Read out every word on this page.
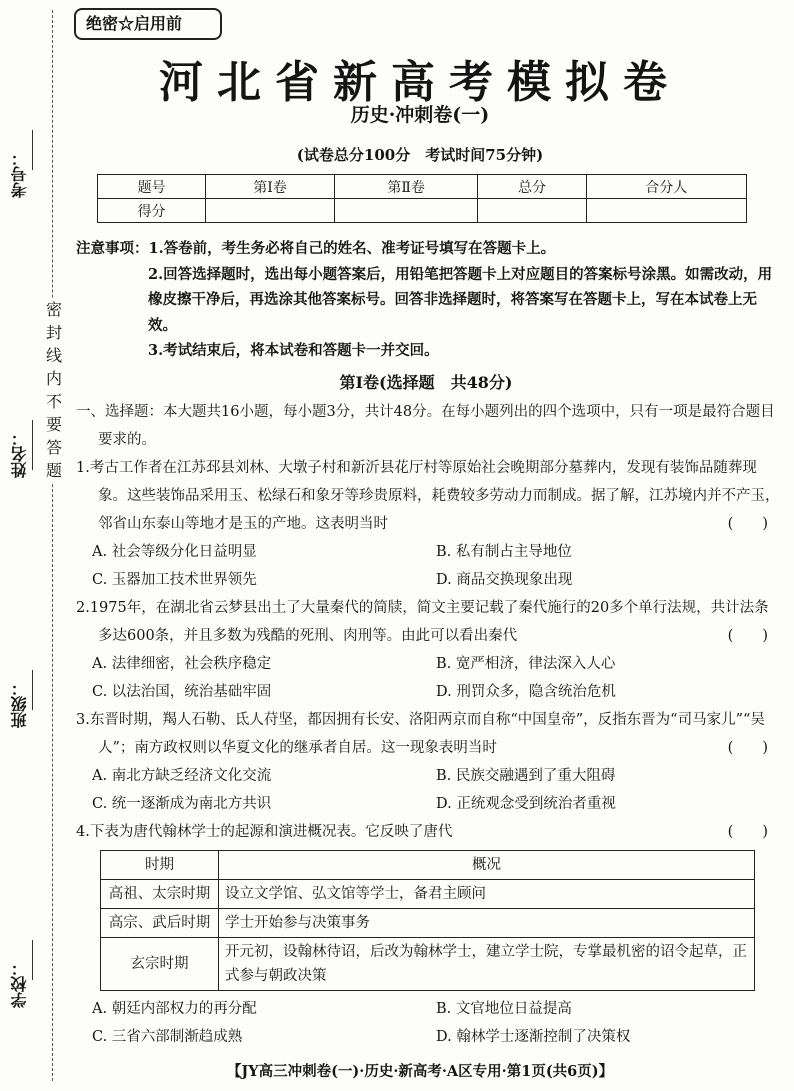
考号：
姓名：
班级：
学校：
密
封
线
内
不
要
答
题
绝密☆启用前
河北省新高考模拟卷
历史·冲刺卷(一)
(试卷总分100分　考试时间75分钟)
题号	第Ⅰ卷	第Ⅱ卷	总分	合分人
得分				
注意事项：1.答卷前，考生务必将自己的姓名、准考证号填写在答题卡上。
2.回答选择题时，选出每小题答案后，用铅笔把答题卡上对应题目的答案标号涂黑。如需改动，用橡皮擦干净后，再选涂其他答案标号。回答非选择题时，将答案写在答题卡上，写在本试卷上无效。
3.考试结束后，将本试卷和答题卡一并交回。
第Ⅰ卷(选择题　共48分)
一、选择题：本大题共16小题，每小题3分，共计48分。在每小题列出的四个选项中，只有一项是最符合题目要求的。
1.考古工作者在江苏邳县刘林、大墩子村和新沂县花厅村等原始社会晚期部分墓葬内，发现有装饰品随葬现象。这些装饰品采用玉、松绿石和象牙等珍贵原料，耗费较多劳动力而制成。据了解，江苏境内并不产玉，邻省山东泰山等地才是玉的产地。这表明当时	(　　)
A. 社会等级分化日益明显	B. 私有制占主导地位
C. 玉器加工技术世界领先	D. 商品交换现象出现
2.1975年，在湖北省云梦县出土了大量秦代的简牍，简文主要记载了秦代施行的20多个单行法规，共计法条多达600条，并且多数为残酷的死刑、肉刑等。由此可以看出秦代	(　　)
A. 法律细密，社会秩序稳定	B. 宽严相济，律法深入人心
C. 以法治国，统治基础牢固	D. 刑罚众多，隐含统治危机
3.东晋时期，羯人石勒、氐人苻坚，都因拥有长安、洛阳两京而自称“中国皇帝”，反指东晋为“司马家儿”“吴人”；南方政权则以华夏文化的继承者自居。这一现象表明当时	(　　)
A. 南北方缺乏经济文化交流	B. 民族交融遇到了重大阻碍
C. 统一逐渐成为南北方共识	D. 正统观念受到统治者重视
4.下表为唐代翰林学士的起源和演进概况表。它反映了唐代	(　　)
时期	概况
高祖、太宗时期	设立文学馆、弘文馆等学士，备君主顾问
高宗、武后时期	学士开始参与决策事务
玄宗时期	开元初，设翰林待诏，后改为翰林学士，建立学士院，专掌最机密的诏令起草，正式参与朝政决策
A. 朝廷内部权力的再分配	B. 文官地位日益提高
C. 三省六部制渐趋成熟	D. 翰林学士逐渐控制了决策权
【JY高三冲刺卷(一)·历史·新高考·A区专用·第1页(共6页)】
